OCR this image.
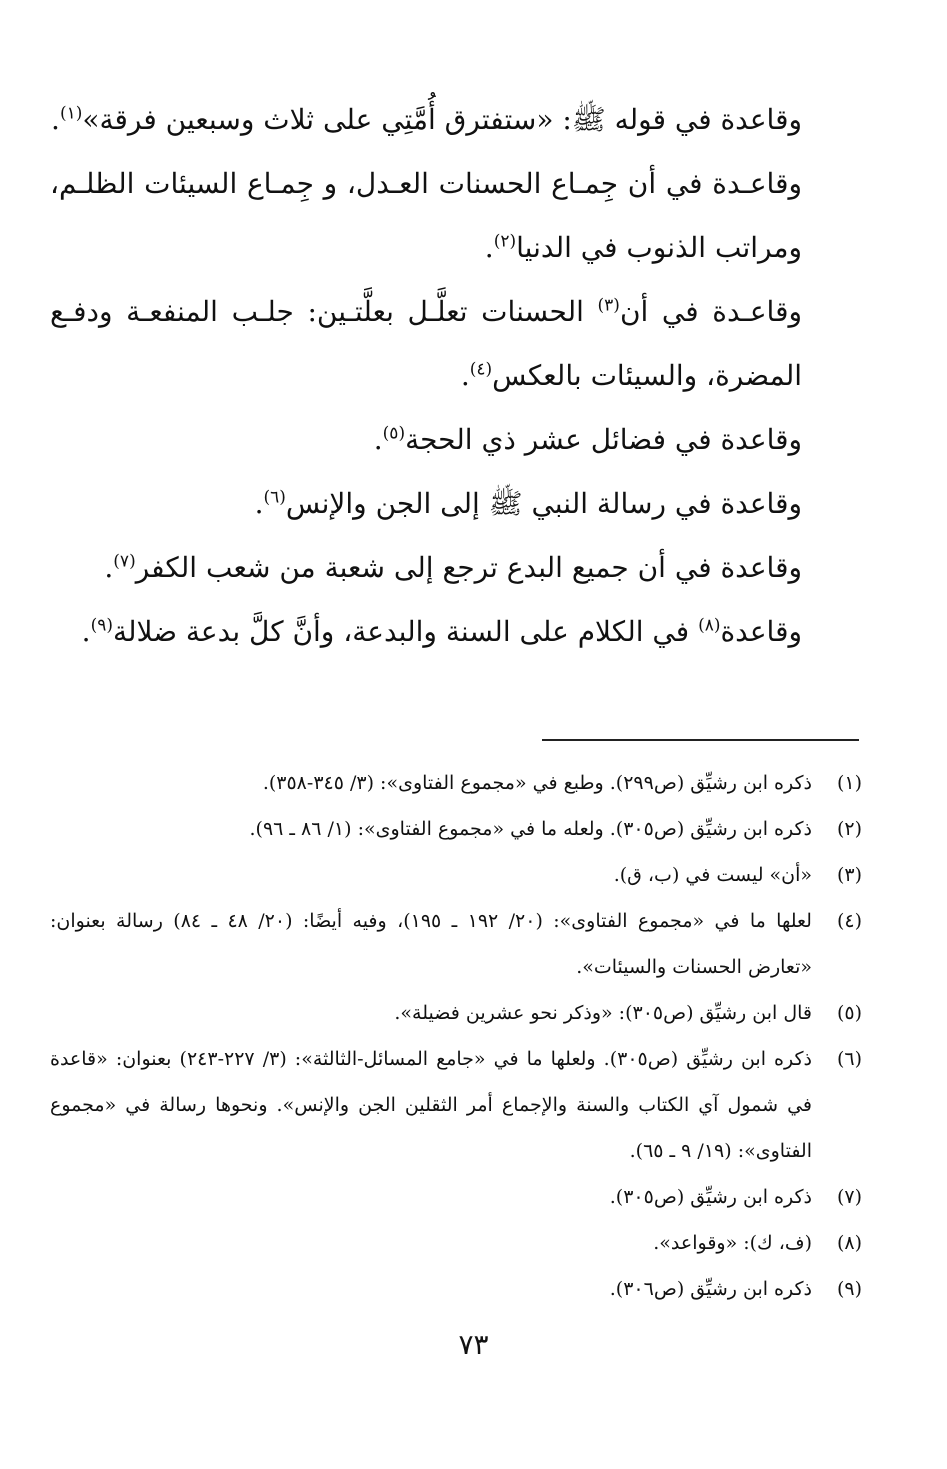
وقاعدة في قوله ﷺ: «ستفترق أُمَّتِي على ثلاث وسبعين فرقة»$^{(١)}$.

وقاعـدة في أن جِمـاع الحسنات العـدل، و جِمـاع السيئات الظلـم، ومراتب الذنوب في الدنيا$^{(٢)}$.

وقاعـدة في أن$^{(٣)}$ الحسنات تعلَّـل بعلَّتـين: جلـب المنفعـة ودفـع المضرة، والسيئات بالعكس$^{(٤)}$.

وقاعدة في فضائل عشر ذي الحجة$^{(٥)}$.

وقاعدة في رسالة النبي ﷺ إلى الجن والإنس$^{(٦)}$.

وقاعدة في أن جميع البدع ترجع إلى شعبة من شعب الكفر$^{(٧)}$.

وقاعدة$^{(٨)}$ في الكلام على السنة والبدعة، وأنَّ كلَّ بدعة ضلالة$^{(٩)}$.

(١)
ذكره ابن رشيِّق (ص٢٩٩). وطبع في «مجموع الفتاوى»: (٣/ ٣٤٥-٣٥٨).
(٢)
ذكره ابن رشيِّق (ص٣٠٥). ولعله ما في «مجموع الفتاوى»: (١/ ٨٦ ـ ٩٦).
(٣)
«أن» ليست في (ب، ق).
(٤)
لعلها ما في «مجموع الفتاوى»: (٢٠/ ١٩٢ ـ ١٩٥)، وفيه أيضًا: (٢٠/ ٤٨ ـ ٨٤) رسالة بعنوان: «تعارض الحسنات والسيئات».
(٥)
قال ابن رشيِّق (ص٣٠٥): «وذكر نحو عشرين فضيلة».
(٦)
ذكره ابن رشيِّق (ص٣٠٥). ولعلها ما في «جامع المسائل-الثالثة»: (٣/ ٢٢٧-٢٤٣) بعنوان: «قاعدة في شمول آي الكتاب والسنة والإجماع أمر الثقلين الجن والإنس». ونحوها رسالة في «مجموع الفتاوى»: (١٩/ ٩ ـ ٦٥).
(٧)
ذكره ابن رشيِّق (ص٣٠٥).
(٨)
(ف، ك): «وقواعد».
(٩)
ذكره ابن رشيِّق (ص٣٠٦).
٧٣
